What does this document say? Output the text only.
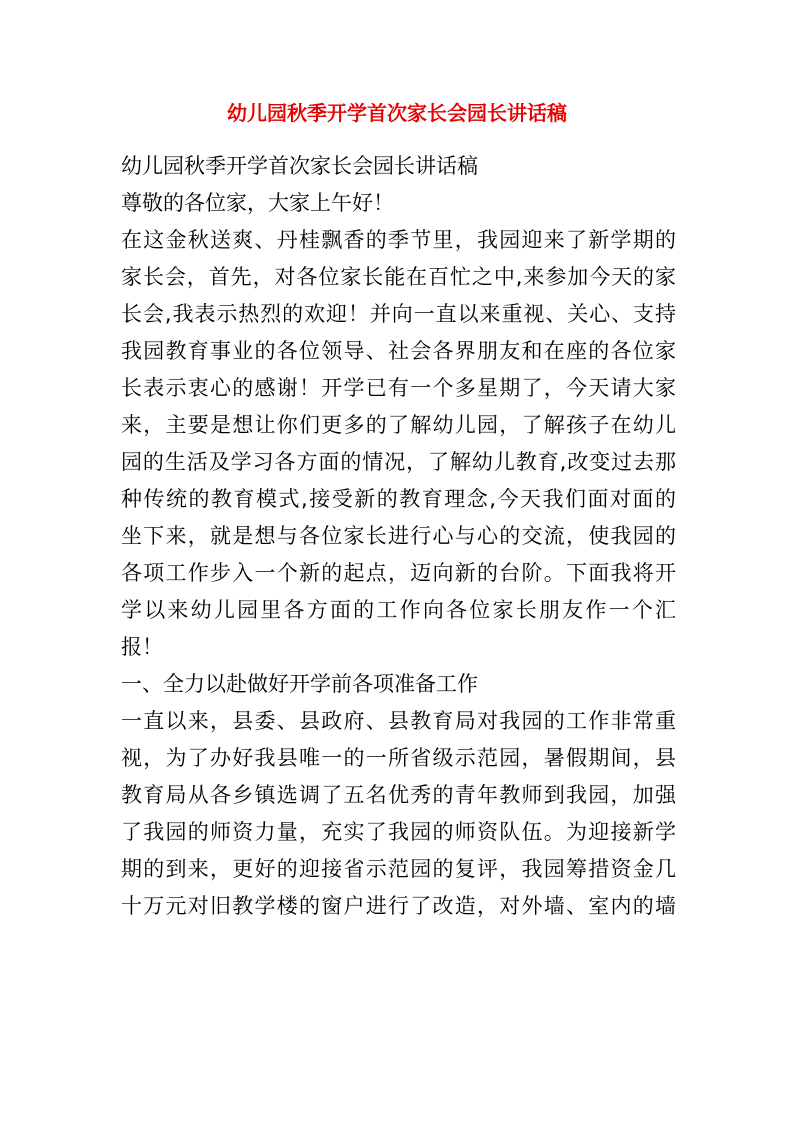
幼儿园秋季开学首次家长会园长讲话稿
幼儿园秋季开学首次家长会园长讲话稿
尊敬的各位家，大家上午好！
在这金秋送爽、丹桂飘香的季节里，我园迎来了新学期的
家长会，首先，对各位家长能在百忙之中,来参加今天的家
长会,我表示热烈的欢迎！并向一直以来重视、关心、支持
我园教育事业的各位领导、社会各界朋友和在座的各位家
长表示衷心的感谢！开学已有一个多星期了，今天请大家
来，主要是想让你们更多的了解幼儿园，了解孩子在幼儿
园的生活及学习各方面的情况，了解幼儿教育,改变过去那
种传统的教育模式,接受新的教育理念,今天我们面对面的
坐下来，就是想与各位家长进行心与心的交流，使我园的
各项工作步入一个新的起点，迈向新的台阶。下面我将开
学以来幼儿园里各方面的工作向各位家长朋友作一个汇
报！
一、全力以赴做好开学前各项准备工作
一直以来，县委、县政府、县教育局对我园的工作非常重
视，为了办好我县唯一的一所省级示范园，暑假期间，县
教育局从各乡镇选调了五名优秀的青年教师到我园，加强
了我园的师资力量，充实了我园的师资队伍。为迎接新学
期的到来，更好的迎接省示范园的复评，我园筹措资金几
十万元对旧教学楼的窗户进行了改造，对外墙、室内的墙
